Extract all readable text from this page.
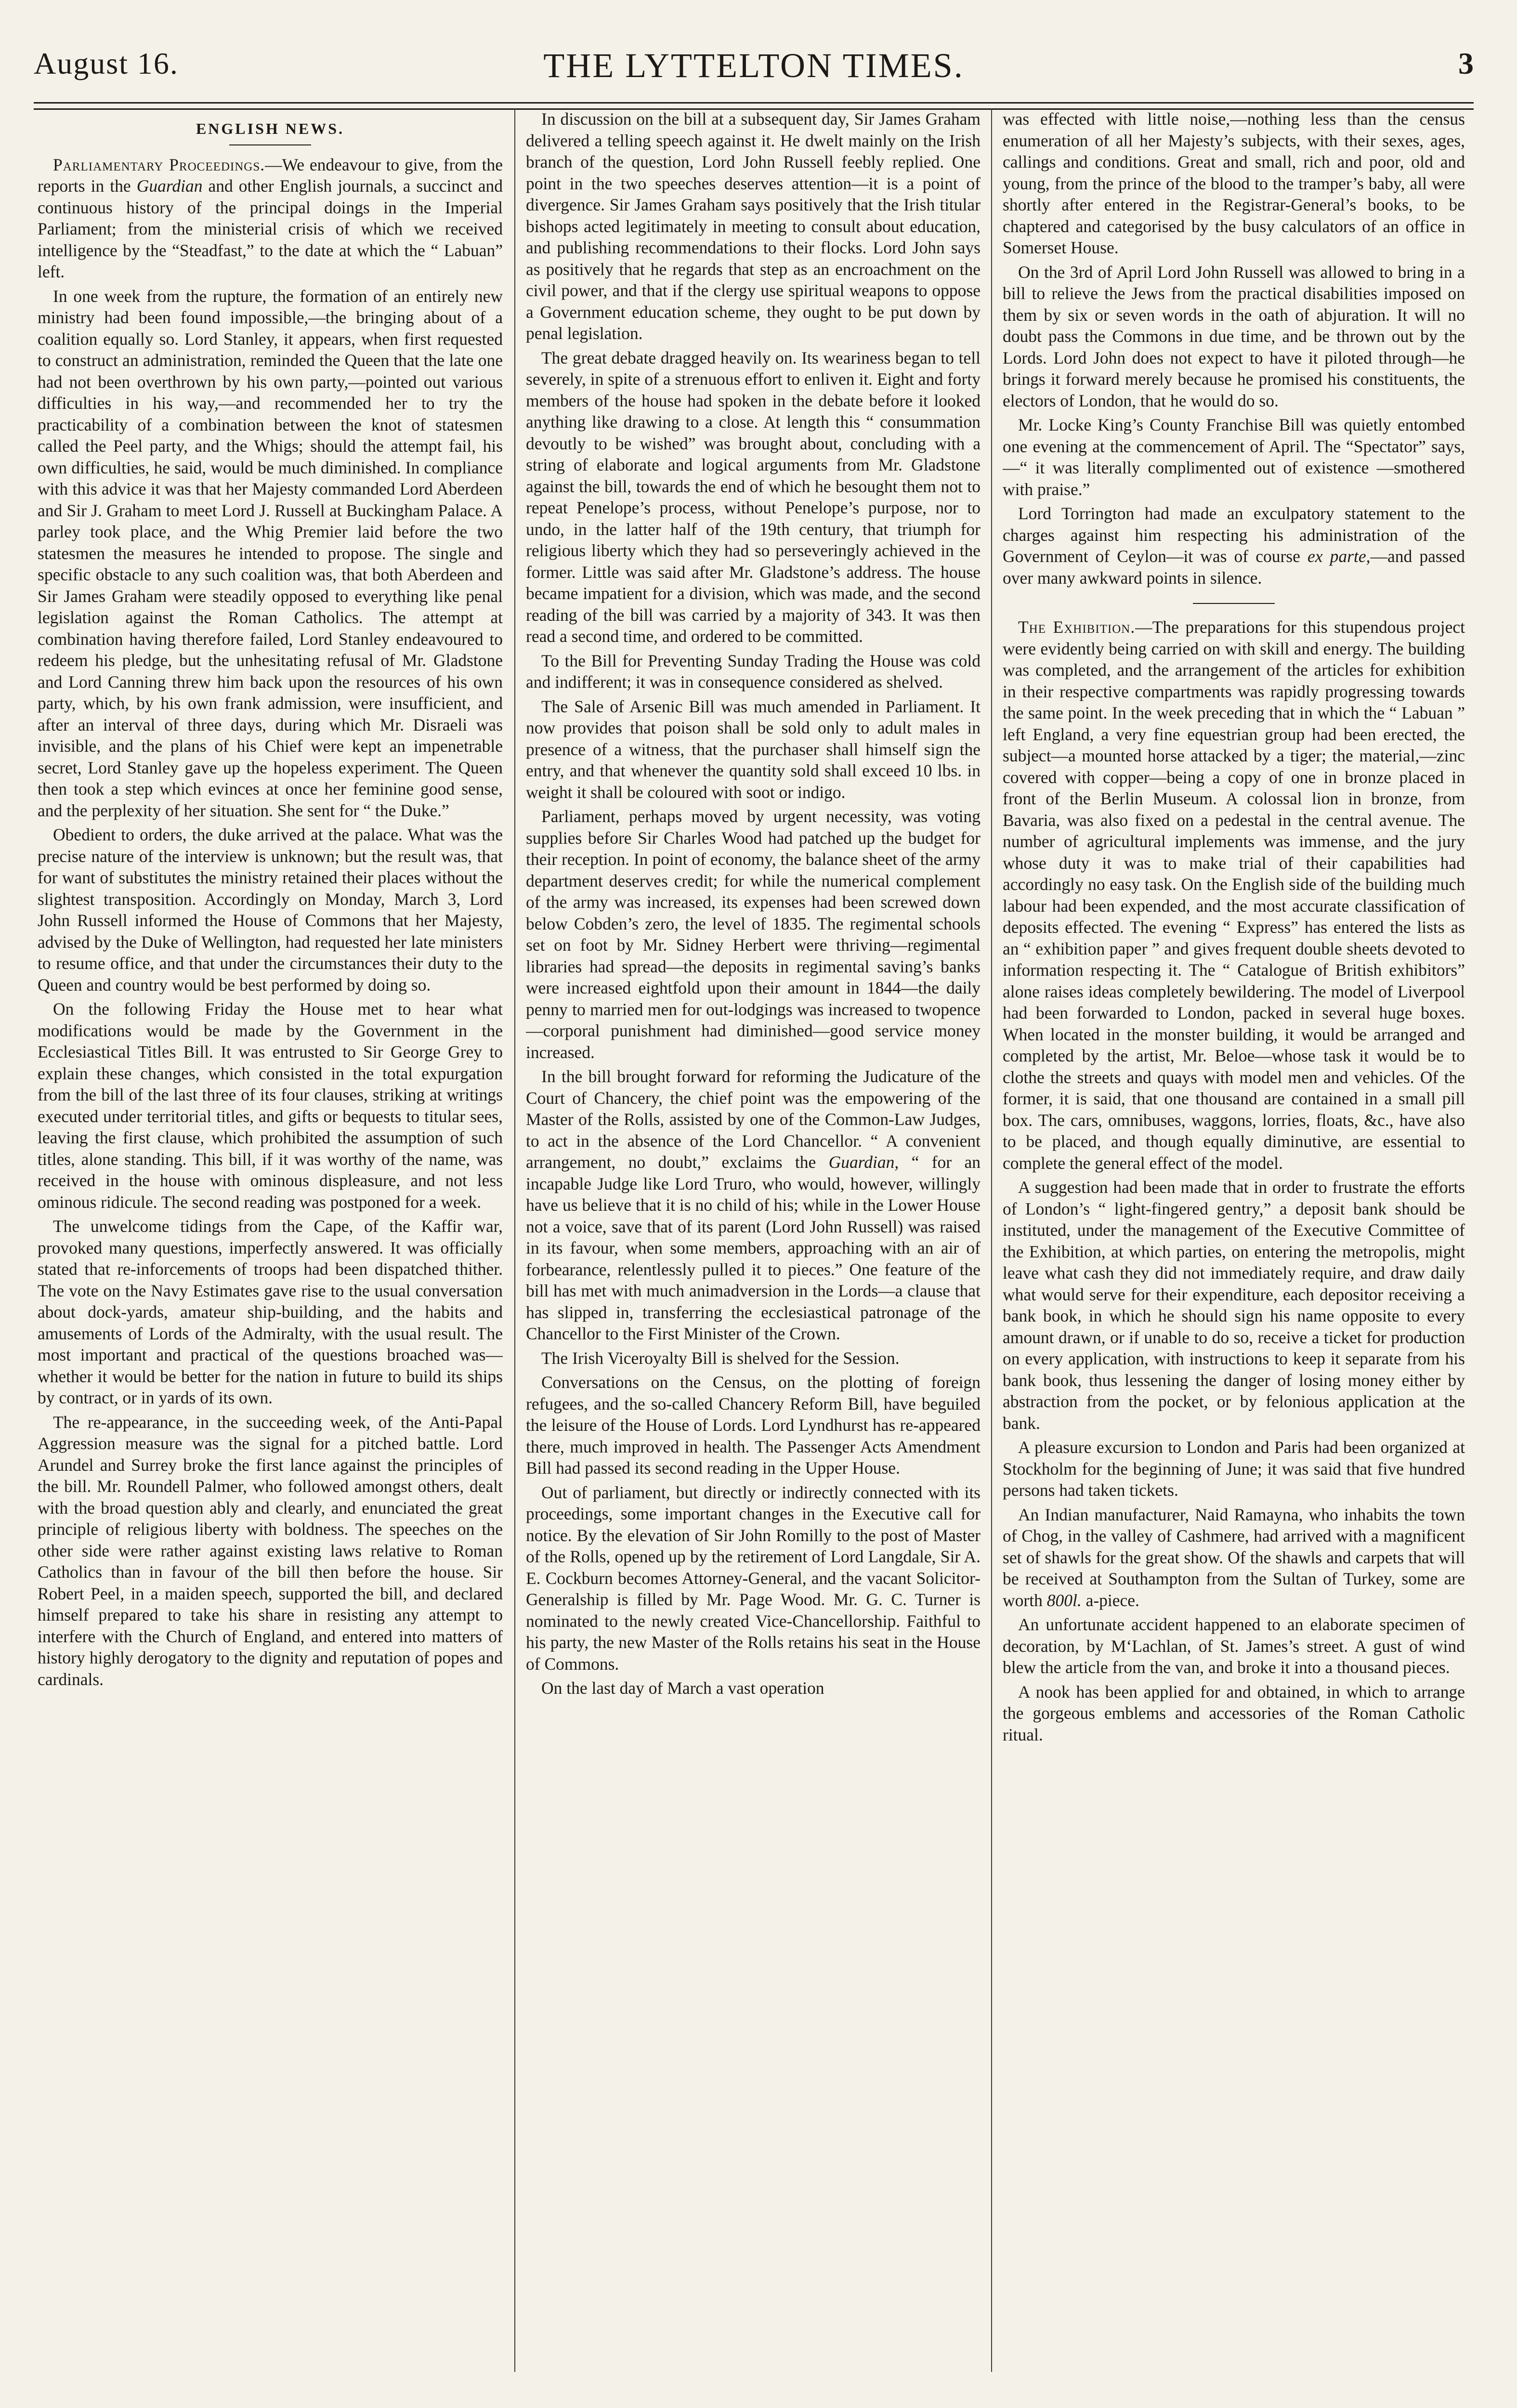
THE LYTTELTON TIMES.
August 16.	3
ENGLISH NEWS.

Parliamentary Proceedings.—We endeavour to give, from the reports in the Guardian and other English journals, a succinct and continuous history of the principal doings in the Imperial Parliament; from the ministerial crisis of which we received intelligence by the “Steadfast,” to the date at which the “ Labuan” left.

In one week from the rupture, the formation of an entirely new ministry had been found impossible,—the bringing about of a coalition equally so. Lord Stanley, it appears, when first requested to construct an administration, reminded the Queen that the late one had not been overthrown by his own party,—pointed out various difficulties in his way,—and recommended her to try the practicability of a combination between the knot of statesmen called the Peel party, and the Whigs; should the attempt fail, his own difficulties, he said, would be much diminished. In compliance with this advice it was that her Majesty commanded Lord Aberdeen and Sir J. Graham to meet Lord J. Russell at Buckingham Palace. A parley took place, and the Whig Premier laid before the two statesmen the measures he intended to propose. The single and specific obstacle to any such coalition was, that both Aberdeen and Sir James Graham were steadily opposed to everything like penal legislation against the Roman Catholics. The attempt at combination having therefore failed, Lord Stanley endeavoured to redeem his pledge, but the unhesitating refusal of Mr. Gladstone and Lord Canning threw him back upon the resources of his own party, which, by his own frank admission, were insufficient, and after an interval of three days, during which Mr. Disraeli was invisible, and the plans of his Chief were kept an impenetrable secret, Lord Stanley gave up the hopeless experiment. The Queen then took a step which evinces at once her feminine good sense, and the perplexity of her situation. She sent for “ the Duke.”

Obedient to orders, the duke arrived at the palace. What was the precise nature of the interview is unknown; but the result was, that for want of substitutes the ministry retained their places without the slightest transposition. Accordingly on Monday, March 3, Lord John Russell informed the House of Commons that her Majesty, advised by the Duke of Wellington, had requested her late ministers to resume office, and that under the circumstances their duty to the Queen and country would be best performed by doing so.

On the following Friday the House met to hear what modifications would be made by the Government in the Ecclesiastical Titles Bill. It was entrusted to Sir George Grey to explain these changes, which consisted in the total expurgation from the bill of the last three of its four clauses, striking at writings executed under territorial titles, and gifts or bequests to titular sees, leaving the first clause, which prohibited the assumption of such titles, alone standing. This bill, if it was worthy of the name, was received in the house with ominous displeasure, and not less ominous ridicule. The second reading was postponed for a week.

The unwelcome tidings from the Cape, of the Kaffir war, provoked many questions, imperfectly answered. It was officially stated that re-inforcements of troops had been dispatched thither. The vote on the Navy Estimates gave rise to the usual conversation about dock-yards, amateur ship-building, and the habits and amusements of Lords of the Admiralty, with the usual result. The most important and practical of the questions broached was—whether it would be better for the nation in future to build its ships by contract, or in yards of its own.

The re-appearance, in the succeeding week, of the Anti-Papal Aggression measure was the signal for a pitched battle. Lord Arundel and Surrey broke the first lance against the principles of the bill. Mr. Roundell Palmer, who followed amongst others, dealt with the broad question ably and clearly, and enunciated the great principle of religious liberty with boldness. The speeches on the other side were rather against existing laws relative to Roman Catholics than in favour of the bill then before the house. Sir Robert Peel, in a maiden speech, supported the bill, and declared himself prepared to take his share in resisting any attempt to interfere with the Church of England, and entered into matters of history highly derogatory to the dignity and reputation of popes and cardinals.

In discussion on the bill at a subsequent day, Sir James Graham delivered a telling speech against it. He dwelt mainly on the Irish branch of the question, Lord John Russell feebly replied. One point in the two speeches deserves attention—it is a point of divergence. Sir James Graham says positively that the Irish titular bishops acted legitimately in meeting to consult about education, and publishing recommendations to their flocks. Lord John says as positively that he regards that step as an encroachment on the civil power, and that if the clergy use spiritual weapons to oppose a Government education scheme, they ought to be put down by penal legislation.

The great debate dragged heavily on. Its weariness began to tell severely, in spite of a strenuous effort to enliven it. Eight and forty members of the house had spoken in the debate before it looked anything like drawing to a close. At length this “ consummation devoutly to be wished” was brought about, concluding with a string of elaborate and logical arguments from Mr. Gladstone against the bill, towards the end of which he besought them not to repeat Penelope’s process, without Penelope’s purpose, nor to undo, in the latter half of the 19th century, that triumph for religious liberty which they had so perseveringly achieved in the former. Little was said after Mr. Gladstone’s address. The house became impatient for a division, which was made, and the second reading of the bill was carried by a majority of 343. It was then read a second time, and ordered to be committed.

To the Bill for Preventing Sunday Trading the House was cold and indifferent; it was in consequence considered as shelved.

The Sale of Arsenic Bill was much amended in Parliament. It now provides that poison shall be sold only to adult males in presence of a witness, that the purchaser shall himself sign the entry, and that whenever the quantity sold shall exceed 10 lbs. in weight it shall be coloured with soot or indigo.

Parliament, perhaps moved by urgent necessity, was voting supplies before Sir Charles Wood had patched up the budget for their reception. In point of economy, the balance sheet of the army department deserves credit; for while the numerical complement of the army was increased, its expenses had been screwed down below Cobden’s zero, the level of 1835. The regimental schools set on foot by Mr. Sidney Herbert were thriving—regimental libraries had spread—the deposits in regimental saving’s banks were increased eightfold upon their amount in 1844—the daily penny to married men for out-lodgings was increased to twopence—corporal punishment had diminished—good service money increased.

In the bill brought forward for reforming the Judicature of the Court of Chancery, the chief point was the empowering of the Master of the Rolls, assisted by one of the Common-Law Judges, to act in the absence of the Lord Chancellor. “ A convenient arrangement, no doubt,” exclaims the Guardian, “ for an incapable Judge like Lord Truro, who would, however, willingly have us believe that it is no child of his; while in the Lower House not a voice, save that of its parent (Lord John Russell) was raised in its favour, when some members, approaching with an air of forbearance, relentlessly pulled it to pieces.” One feature of the bill has met with much animadversion in the Lords—a clause that has slipped in, transferring the ecclesiastical patronage of the Chancellor to the First Minister of the Crown.

The Irish Viceroyalty Bill is shelved for the Session.

Conversations on the Census, on the plotting of foreign refugees, and the so-called Chancery Reform Bill, have beguiled the leisure of the House of Lords. Lord Lyndhurst has re-appeared there, much improved in health. The Passenger Acts Amendment Bill had passed its second reading in the Upper House.

Out of parliament, but directly or indirectly connected with its proceedings, some important changes in the Executive call for notice. By the elevation of Sir John Romilly to the post of Master of the Rolls, opened up by the retirement of Lord Langdale, Sir A. E. Cockburn becomes Attorney-General, and the vacant Solicitor-Generalship is filled by Mr. Page Wood. Mr. G. C. Turner is nominated to the newly created Vice-Chancellorship. Faithful to his party, the new Master of the Rolls retains his seat in the House of Commons.

On the last day of March a vast operation

was effected with little noise,—nothing less than the census enumeration of all her Majesty’s subjects, with their sexes, ages, callings and conditions. Great and small, rich and poor, old and young, from the prince of the blood to the tramper’s baby, all were shortly after entered in the Registrar-General’s books, to be chaptered and categorised by the busy calculators of an office in Somerset House.

On the 3rd of April Lord John Russell was allowed to bring in a bill to relieve the Jews from the practical disabilities imposed on them by six or seven words in the oath of abjuration. It will no doubt pass the Commons in due time, and be thrown out by the Lords. Lord John does not expect to have it piloted through—he brings it forward merely because he promised his constituents, the electors of London, that he would do so.

Mr. Locke King’s County Franchise Bill was quietly entombed one evening at the commencement of April. The “Spectator” says,—“ it was literally complimented out of existence —smothered with praise.”

Lord Torrington had made an exculpatory statement to the charges against him respecting his administration of the Government of Ceylon—it was of course ex parte,—and passed over many awkward points in silence.

The Exhibition.—The preparations for this stupendous project were evidently being carried on with skill and energy. The building was completed, and the arrangement of the articles for exhibition in their respective compartments was rapidly progressing towards the same point. In the week preceding that in which the “ Labuan ” left England, a very fine equestrian group had been erected, the subject—a mounted horse attacked by a tiger; the material,—zinc covered with copper—being a copy of one in bronze placed in front of the Berlin Museum. A colossal lion in bronze, from Bavaria, was also fixed on a pedestal in the central avenue. The number of agricultural implements was immense, and the jury whose duty it was to make trial of their capabilities had accordingly no easy task. On the English side of the building much labour had been expended, and the most accurate classification of deposits effected. The evening “ Express” has entered the lists as an “ exhibition paper ” and gives frequent double sheets devoted to information respecting it. The “ Catalogue of British exhibitors” alone raises ideas completely bewildering. The model of Liverpool had been forwarded to London, packed in several huge boxes. When located in the monster building, it would be arranged and completed by the artist, Mr. Beloe—whose task it would be to clothe the streets and quays with model men and vehicles. Of the former, it is said, that one thousand are contained in a small pill box. The cars, omnibuses, waggons, lorries, floats, &c., have also to be placed, and though equally diminutive, are essential to complete the general effect of the model.

A suggestion had been made that in order to frustrate the efforts of London’s “ light-fingered gentry,” a deposit bank should be instituted, under the management of the Executive Committee of the Exhibition, at which parties, on entering the metropolis, might leave what cash they did not immediately require, and draw daily what would serve for their expenditure, each depositor receiving a bank book, in which he should sign his name opposite to every amount drawn, or if unable to do so, receive a ticket for production on every application, with instructions to keep it separate from his bank book, thus lessening the danger of losing money either by abstraction from the pocket, or by felonious application at the bank.

A pleasure excursion to London and Paris had been organized at Stockholm for the beginning of June; it was said that five hundred persons had taken tickets.

An Indian manufacturer, Naid Ramayna, who inhabits the town of Chog, in the valley of Cashmere, had arrived with a magnificent set of shawls for the great show. Of the shawls and carpets that will be received at Southampton from the Sultan of Turkey, some are worth 800l. a-piece.

An unfortunate accident happened to an elaborate specimen of decoration, by M‘Lachlan, of St. James’s street. A gust of wind blew the article from the van, and broke it into a thousand pieces.

A nook has been applied for and obtained, in which to arrange the gorgeous emblems and accessories of the Roman Catholic ritual.
